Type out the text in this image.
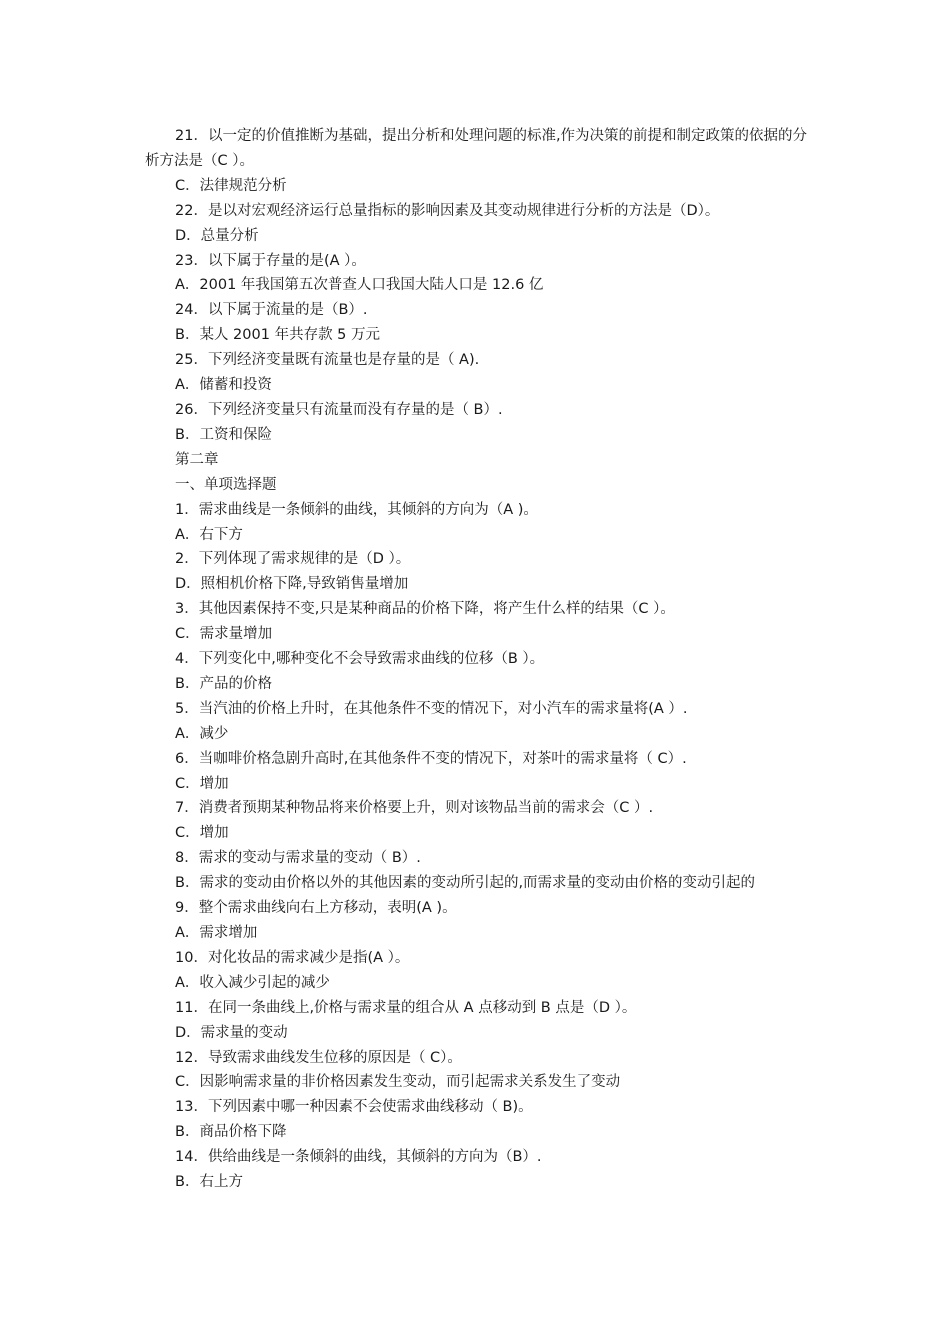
21．以一定的价值推断为基础，提出分析和处理问题的标准,作为决策的前提和制定政策的依据的分析方法是（C ）。

C．法律规范分析

22．是以对宏观经济运行总量指标的影响因素及其变动规律进行分析的方法是（D）。

D．总量分析

23．以下属于存量的是(A ）。

A．2001 年我国第五次普查人口我国大陆人口是 12.6 亿

24．以下属于流量的是（B）.

B．某人 2001 年共存款 5 万元

25．下列经济变量既有流量也是存量的是（ A).

A．储蓄和投资

26．下列经济变量只有流量而没有存量的是（ B）.

B．工资和保险

第二章

一、单项选择题

1．需求曲线是一条倾斜的曲线，其倾斜的方向为（A )。

A．右下方

2．下列体现了需求规律的是（D ）。

D．照相机价格下降,导致销售量增加

3．其他因素保持不变,只是某种商品的价格下降，将产生什么样的结果（C ）。

C．需求量增加

4．下列变化中,哪种变化不会导致需求曲线的位移（B ）。

B．产品的价格

5．当汽油的价格上升时，在其他条件不变的情况下，对小汽车的需求量将(A ）.

A．减少

6．当咖啡价格急剧升高时,在其他条件不变的情况下，对茶叶的需求量将（ C）.

C．增加

7．消费者预期某种物品将来价格要上升，则对该物品当前的需求会（C ）.

C．增加

8．需求的变动与需求量的变动（ B）.

B．需求的变动由价格以外的其他因素的变动所引起的,而需求量的变动由价格的变动引起的

9．整个需求曲线向右上方移动，表明(A )。

A．需求增加

10．对化妆品的需求减少是指(A ）。

A．收入减少引起的减少

11．在同一条曲线上,价格与需求量的组合从 A 点移动到 B 点是（D ）。

D．需求量的变动

12．导致需求曲线发生位移的原因是（ C）。

C．因影响需求量的非价格因素发生变动，而引起需求关系发生了变动

13．下列因素中哪一种因素不会使需求曲线移动（ B)。

B．商品价格下降

14．供给曲线是一条倾斜的曲线，其倾斜的方向为（B）.

B．右上方
